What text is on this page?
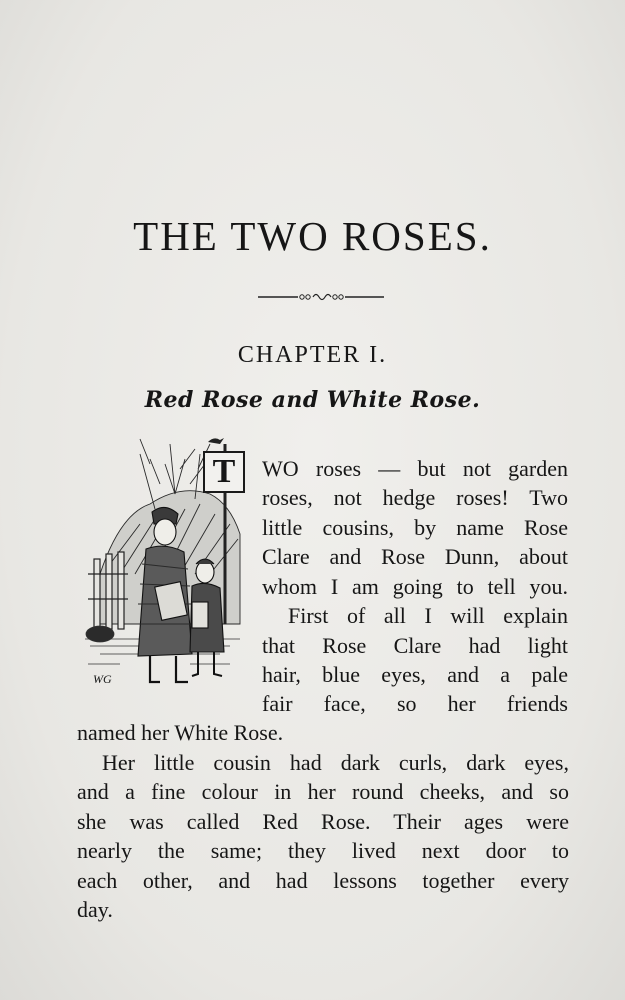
THE TWO ROSES.
CHAPTER I.
Red Rose and White Rose.
WG
T	WO roses — but not garden
roses, not hedge roses! Two
little cousins, by name Rose
Clare and Rose Dunn, about
whom I am going to tell you.
First of all I will explain
that Rose Clare had light
hair, blue eyes, and a pale
fair face, so her friends
named her White Rose.
Her little cousin had dark curls, dark eyes,
and a fine colour in her round cheeks, and so
she was called Red Rose. Their ages were
nearly the same; they lived next door to
each other, and had lessons together every
day.
